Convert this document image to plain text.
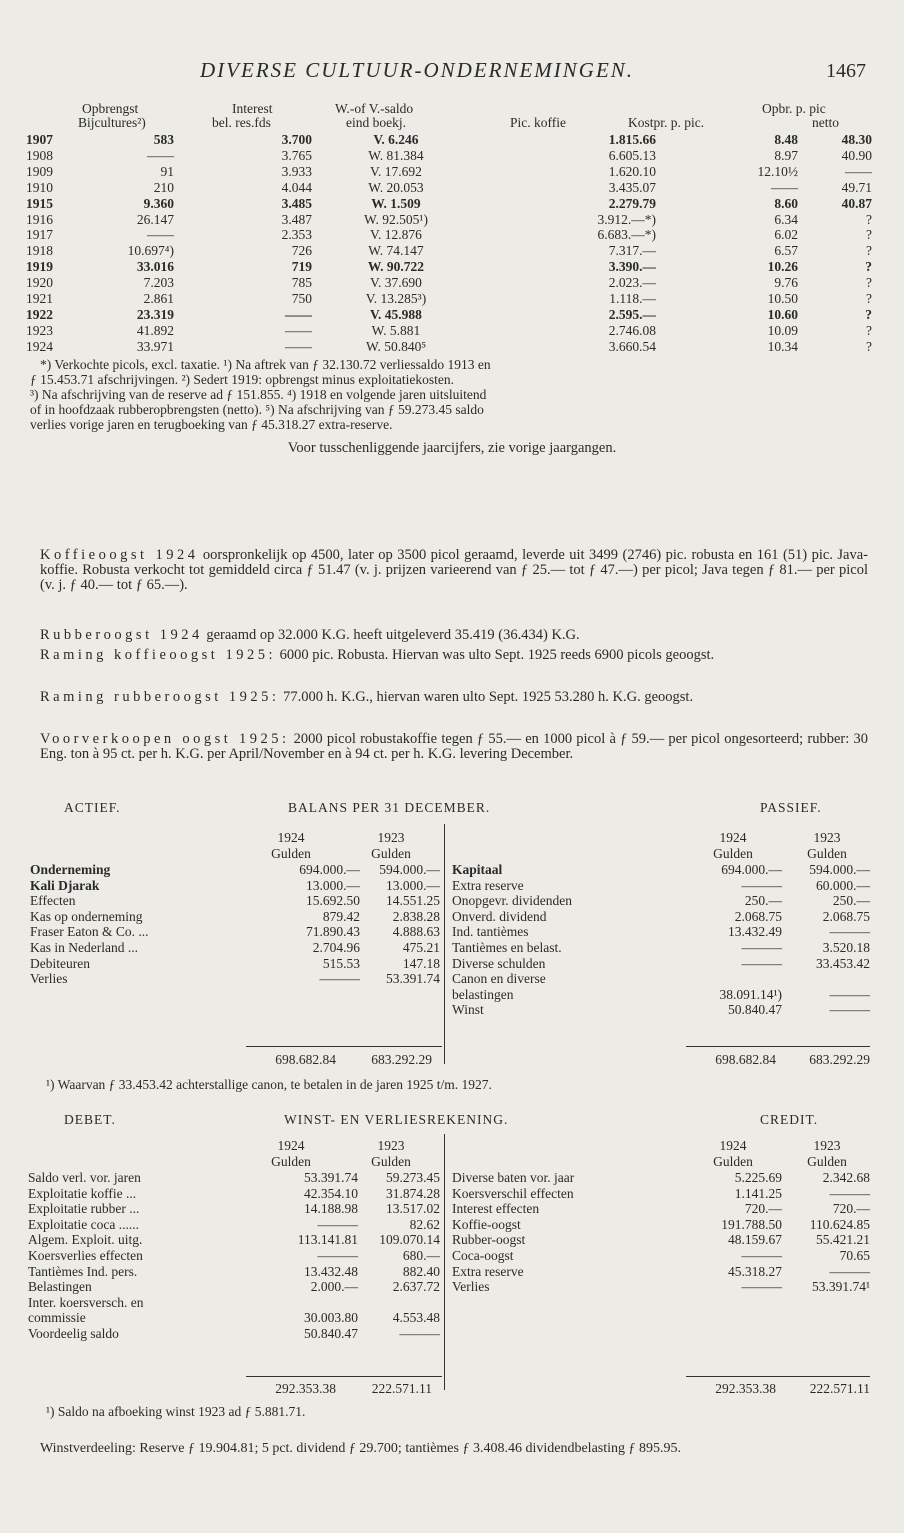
DIVERSE CULTUUR-ONDERNEMINGEN.	1467
Opbrengst
Bijcultures²)
Interest
bel. res.fds
W.-of V.-saldo
eind boekj.	Pic. koffie	Kostpr. p. pic.
Opbr. p. pic
netto
1907	583	3.700	V. 6.246	1.815.66	8.48	48.30
1908	——	3.765	W. 81.384	6.605.13	8.97	40.90
1909	91	3.933	V. 17.692	1.620.10	12.10½	——
1910	210	4.044	W. 20.053	3.435.07	——	49.71
1915	9.360	3.485	W. 1.509	2.279.79	8.60	40.87
1916	26.147	3.487	W. 92.505¹)	3.912.—*)	6.34	?
1917	——	2.353	V. 12.876	6.683.—*)	6.02	?
1918	10.697⁴)	726	W. 74.147	7.317.—	6.57	?
1919	33.016	719	W. 90.722	3.390.—	10.26	?
1920	7.203	785	V. 37.690	2.023.—	9.76	?
1921	2.861	750	V. 13.285³)	1.118.—	10.50	?
1922	23.319	——	V. 45.988	2.595.—	10.60	?
1923	41.892	——	W. 5.881	2.746.08	10.09	?
1924	33.971	——	W. 50.840⁵	3.660.54	10.34	?
*) Verkochte picols, excl. taxatie. ¹) Na aftrek van ƒ 32.130.72 verliessaldo 1913 en
ƒ 15.453.71 afschrijvingen. ²) Sedert 1919: opbrengst minus exploitatiekosten.
³) Na afschrijving van de reserve ad ƒ 151.855. ⁴) 1918 en volgende jaren uitsluitend
of in hoofdzaak rubberopbrengsten (netto). ⁵) Na afschrijving van ƒ 59.273.45 saldo
verlies vorige jaren en terugboeking van ƒ 45.318.27 extra-reserve.
Voor tusschenliggende jaarcijfers, zie vorige jaargangen.
Koffieoogst 1924 oorspronkelijk op 4500, later op 3500 picol geraamd, leverde uit 3499 (2746) pic. robusta en 161 (51) pic. Java-koffie. Robusta verkocht tot gemiddeld circa ƒ 51.47 (v. j. prijzen varieerend van ƒ 25.— tot ƒ 47.—) per picol; Java tegen ƒ 81.— per picol (v. j. ƒ 40.— tot ƒ 65.—).
Rubberoogst 1924 geraamd op 32.000 K.G. heeft uitgeleverd 35.419 (36.434) K.G.
Raming koffieoogst 1925: 6000 pic. Robusta. Hiervan was ulto Sept. 1925 reeds 6900 picols geoogst.
Raming rubberoogst 1925: 77.000 h. K.G., hiervan waren ulto Sept. 1925 53.280 h. K.G. geoogst.
Voorverkoopen oogst 1925: 2000 picol robustakoffie tegen ƒ 55.— en 1000 picol à ƒ 59.— per picol ongesorteerd; rubber: 30 Eng. ton à 95 ct. per h. K.G. per April/November en à 94 ct. per h. K.G. levering December.
ACTIEF.	BALANS PER 31 DECEMBER.	PASSIEF.
1924	1923
Gulden	Gulden
1924	1923
Gulden	Gulden
Onderneming	694.000.—	594.000.—
Kali Djarak	13.000.—	13.000.—
Effecten	15.692.50	14.551.25
Kas op onderneming	879.42	2.838.28
Fraser Eaton & Co. ...	71.890.43	4.888.63
Kas in Nederland ...	2.704.96	475.21
Debiteuren	515.53	147.18
Verlies	———	53.391.74
Kapitaal	694.000.—	594.000.—
Extra reserve	———	60.000.—
Onopgevr. dividenden	250.—	250.—
Onverd. dividend	2.068.75	2.068.75
Ind. tantièmes	13.432.49	———
Tantièmes en belast.	———	3.520.18
Diverse schulden	———	33.453.42
Canon en diverse		
belastingen	38.091.14¹)	———
Winst	50.840.47	———
698.682.84	683.292.29	698.682.84	683.292.29
¹) Waarvan ƒ 33.453.42 achterstallige canon, te betalen in de jaren 1925 t/m. 1927.
DEBET.	WINST- EN VERLIESREKENING.	CREDIT.
1924	1923
Gulden	Gulden
1924	1923
Gulden	Gulden
Saldo verl. vor. jaren	53.391.74	59.273.45
Exploitatie koffie ...	42.354.10	31.874.28
Exploitatie rubber ...	14.188.98	13.517.02
Exploitatie coca ......	———	82.62
Algem. Exploit. uitg.	113.141.81	109.070.14
Koersverlies effecten	———	680.—
Tantièmes Ind. pers.	13.432.48	882.40
Belastingen	2.000.—	2.637.72
Inter. koersversch. en		
commissie	30.003.80	4.553.48
Voordeelig saldo	50.840.47	———
Diverse baten vor. jaar	5.225.69	2.342.68
Koersverschil effecten	1.141.25	———
Interest effecten	720.—	720.—
Koffie-oogst	191.788.50	110.624.85
Rubber-oogst	48.159.67	55.421.21
Coca-oogst	———	70.65
Extra reserve	45.318.27	———
Verlies	———	53.391.74¹
292.353.38	222.571.11	292.353.38	222.571.11
¹) Saldo na afboeking winst 1923 ad ƒ 5.881.71.
Winstverdeeling: Reserve ƒ 19.904.81; 5 pct. dividend ƒ 29.700; tantièmes ƒ 3.408.46 dividendbelasting ƒ 895.95.
